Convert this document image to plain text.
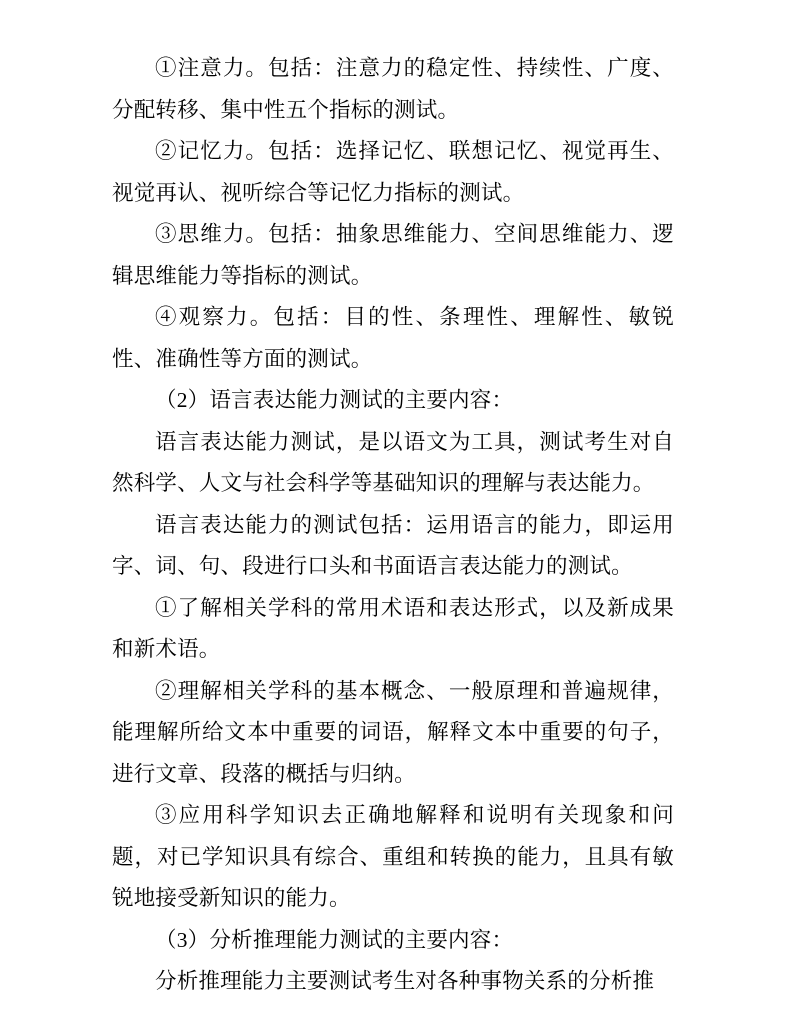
①注意力。包括：注意力的稳定性、持续性、广度、分配转移、集中性五个指标的测试。

②记忆力。包括：选择记忆、联想记忆、视觉再生、视觉再认、视听综合等记忆力指标的测试。

③思维力。包括：抽象思维能力、空间思维能力、逻辑思维能力等指标的测试。

④观察力。包括：目的性、条理性、理解性、敏锐性、准确性等方面的测试。

（2）语言表达能力测试的主要内容：

语言表达能力测试，是以语文为工具，测试考生对自然科学、人文与社会科学等基础知识的理解与表达能力。

语言表达能力的测试包括：运用语言的能力，即运用字、词、句、段进行口头和书面语言表达能力的测试。

①了解相关学科的常用术语和表达形式，以及新成果和新术语。

②理解相关学科的基本概念、一般原理和普遍规律，能理解所给文本中重要的词语，解释文本中重要的句子，进行文章、段落的概括与归纳。

③应用科学知识去正确地解释和说明有关现象和问题，对已学知识具有综合、重组和转换的能力，且具有敏锐地接受新知识的能力。

（3）分析推理能力测试的主要内容：

分析推理能力主要测试考生对各种事物关系的分析推
